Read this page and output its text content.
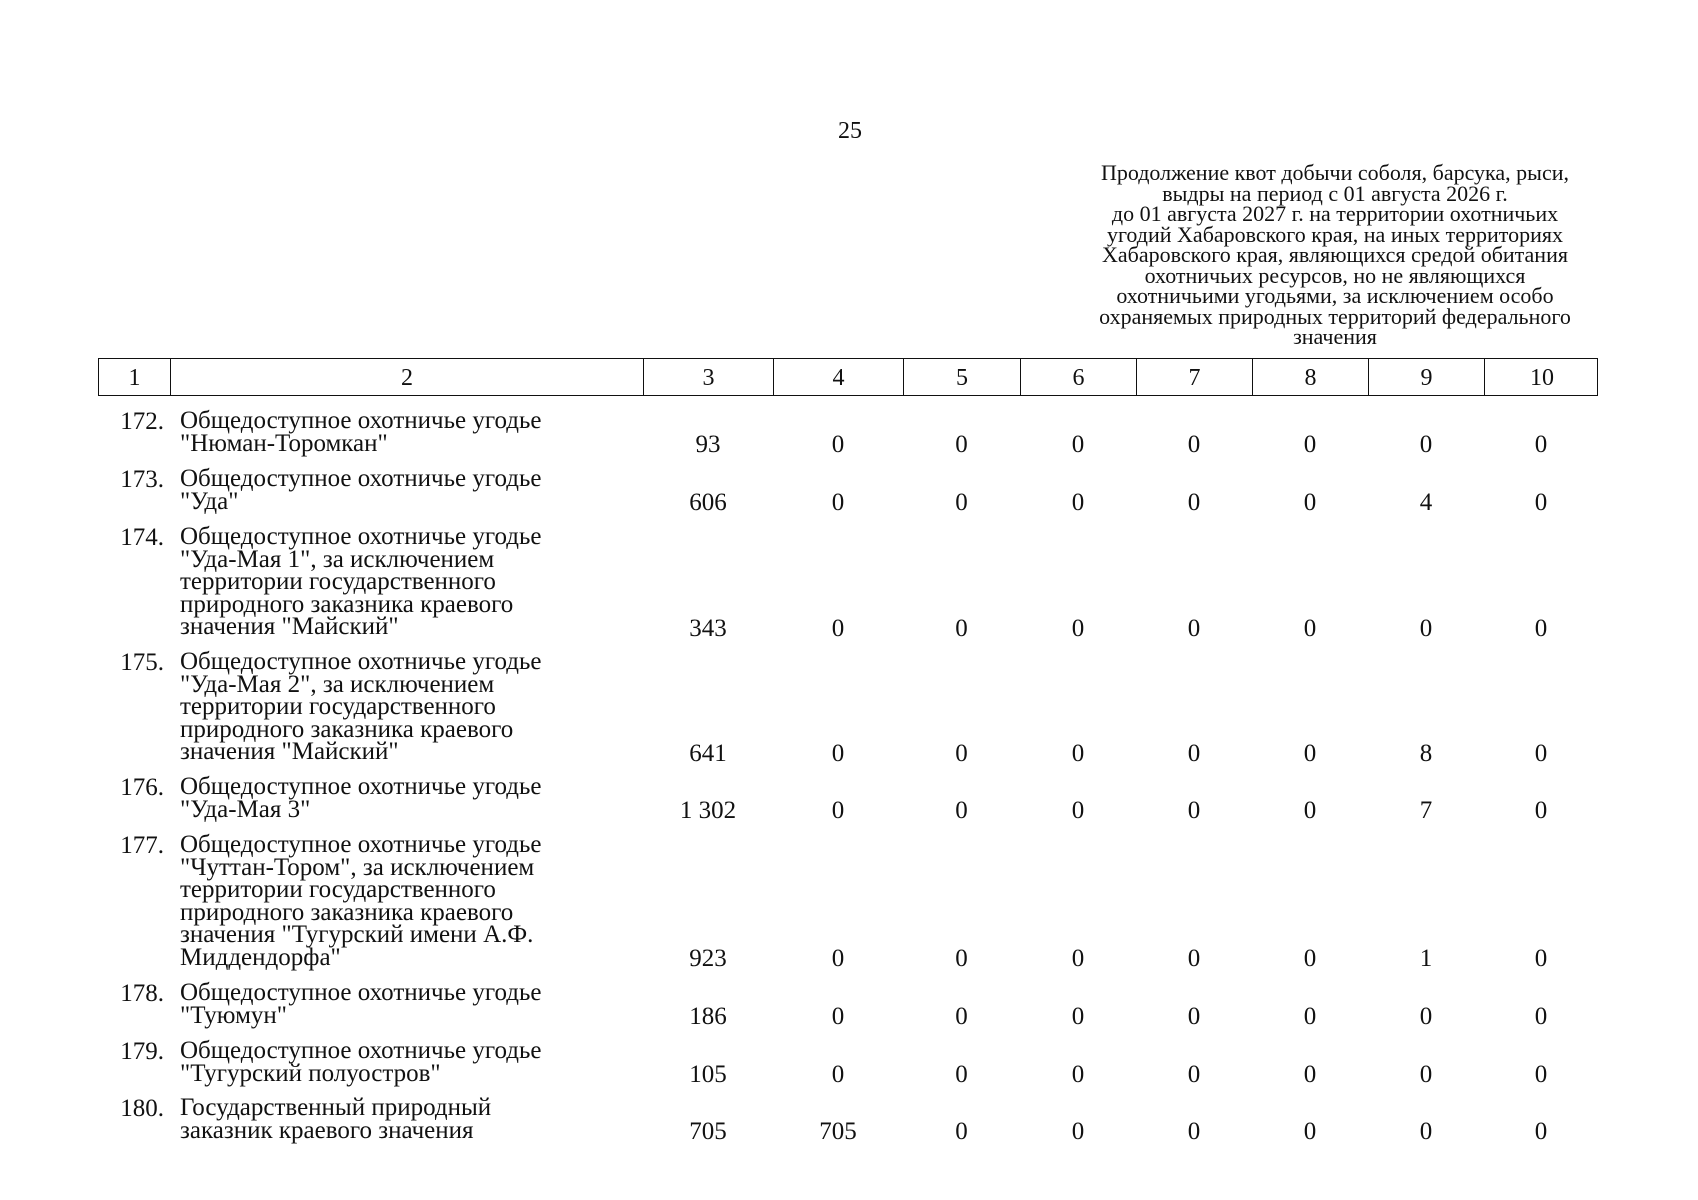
25
Продолжение квот добычи соболя, барсука, рыси,
выдры на период с 01 августа 2026 г.
до 01 августа 2027 г. на территории охотничьих
угодий Хабаровского края, на иных территориях
Хабаровского края, являющихся средой обитания
охотничьих ресурсов, но не являющихся
охотничьими угодьями, за исключением особо
охраняемых природных территорий федерального
значения
1	2	3	4	5	6	7	8	9	10
172. Общедоступное охотничье угодье
"Нюман-Торомкан"	93	0	0	0	0	0	0	0
173. Общедоступное охотничье угодье
"Уда"	606	0	0	0	0	0	4	0
174. Общедоступное охотничье угодье
"Уда-Мая 1", за исключением
территории государственного
природного заказника краевого
значения "Майский"	343	0	0	0	0	0	0	0
175. Общедоступное охотничье угодье
"Уда-Мая 2", за исключением
территории государственного
природного заказника краевого
значения "Майский"	641	0	0	0	0	0	8	0
176. Общедоступное охотничье угодье
"Уда-Мая 3"	1 302	0	0	0	0	0	7	0
177. Общедоступное охотничье угодье
"Чуттан-Тором", за исключением
территории государственного
природного заказника краевого
значения "Тугурский имени А.Ф.
Миддендорфа"	923	0	0	0	0	0	1	0
178. Общедоступное охотничье угодье
"Туюмун"	186	0	0	0	0	0	0	0
179. Общедоступное охотничье угодье
"Тугурский полуостров"	105	0	0	0	0	0	0	0
180. Государственный природный
заказник краевого значения	705	705	0	0	0	0	0	0
